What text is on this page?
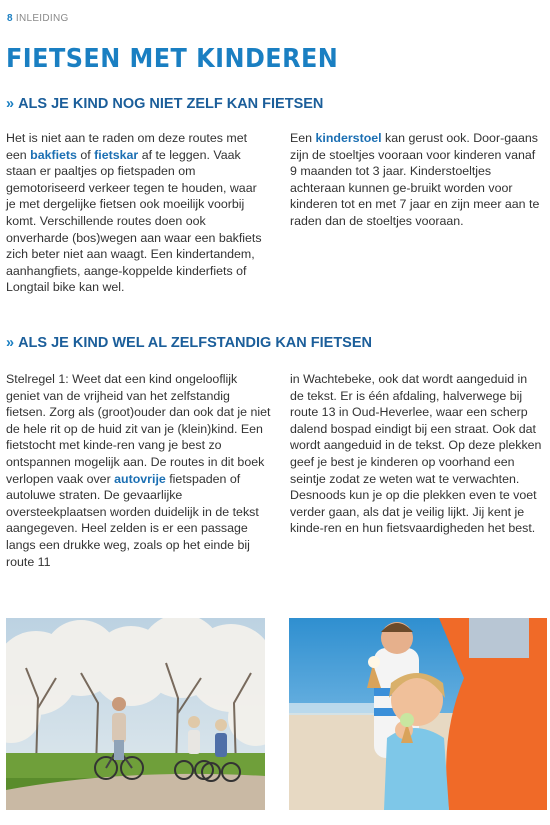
8 INLEIDING
FIETSEN MET KINDEREN
» ALS JE KIND NOG NIET ZELF KAN FIETSEN

Het is niet aan te raden om deze routes met een bakfiets of fietskar af te leggen. Vaak staan er paaltjes op fietspaden om gemotoriseerd verkeer tegen te houden, waar je met dergelijke fietsen ook moeilijk voorbij komt. Verschillende routes doen ook onverharde (bos)wegen aan waar een bakfiets zich beter niet aan waagt. Een kindertandem, aanhangfiets, aange-koppelde kinderfiets of Longtail bike kan wel.

Een kinderstoel kan gerust ook. Door-gaans zijn de stoeltjes vooraan voor kinderen vanaf 9 maanden tot 3 jaar. Kinderstoeltjes achteraan kunnen ge-bruikt worden voor kinderen tot en met 7 jaar en zijn meer aan te raden dan de stoeltjes vooraan.

» ALS JE KIND WEL AL ZELFSTANDIG KAN FIETSEN

Stelregel 1: Weet dat een kind ongelooflijk geniet van de vrijheid van het zelfstandig fietsen. Zorg als (groot)ouder dan ook dat je niet de hele rit op de huid zit van je (klein)kind. Een fietstocht met kinde-ren vang je best zo ontspannen mogelijk aan. De routes in dit boek verlopen vaak over autovrije fietspaden of autoluwe straten. De gevaarlijke oversteekplaatsen worden duidelijk in de tekst aangegeven. Heel zelden is er een passage langs een drukke weg, zoals op het einde bij route 11

in Wachtebeke, ook dat wordt aangeduid in de tekst. Er is één afdaling, halverwege bij route 13 in Oud-Heverlee, waar een scherp dalend bospad eindigt bij een straat. Ook dat wordt aangeduid in de tekst. Op deze plekken geef je best je kinderen op voorhand een seintje zodat ze weten wat te verwachten. Desnoods kun je op die plekken even te voet verder gaan, als dat je veilig lijkt. Jij kent je kinde-ren en hun fietsvaardigheden het best.
